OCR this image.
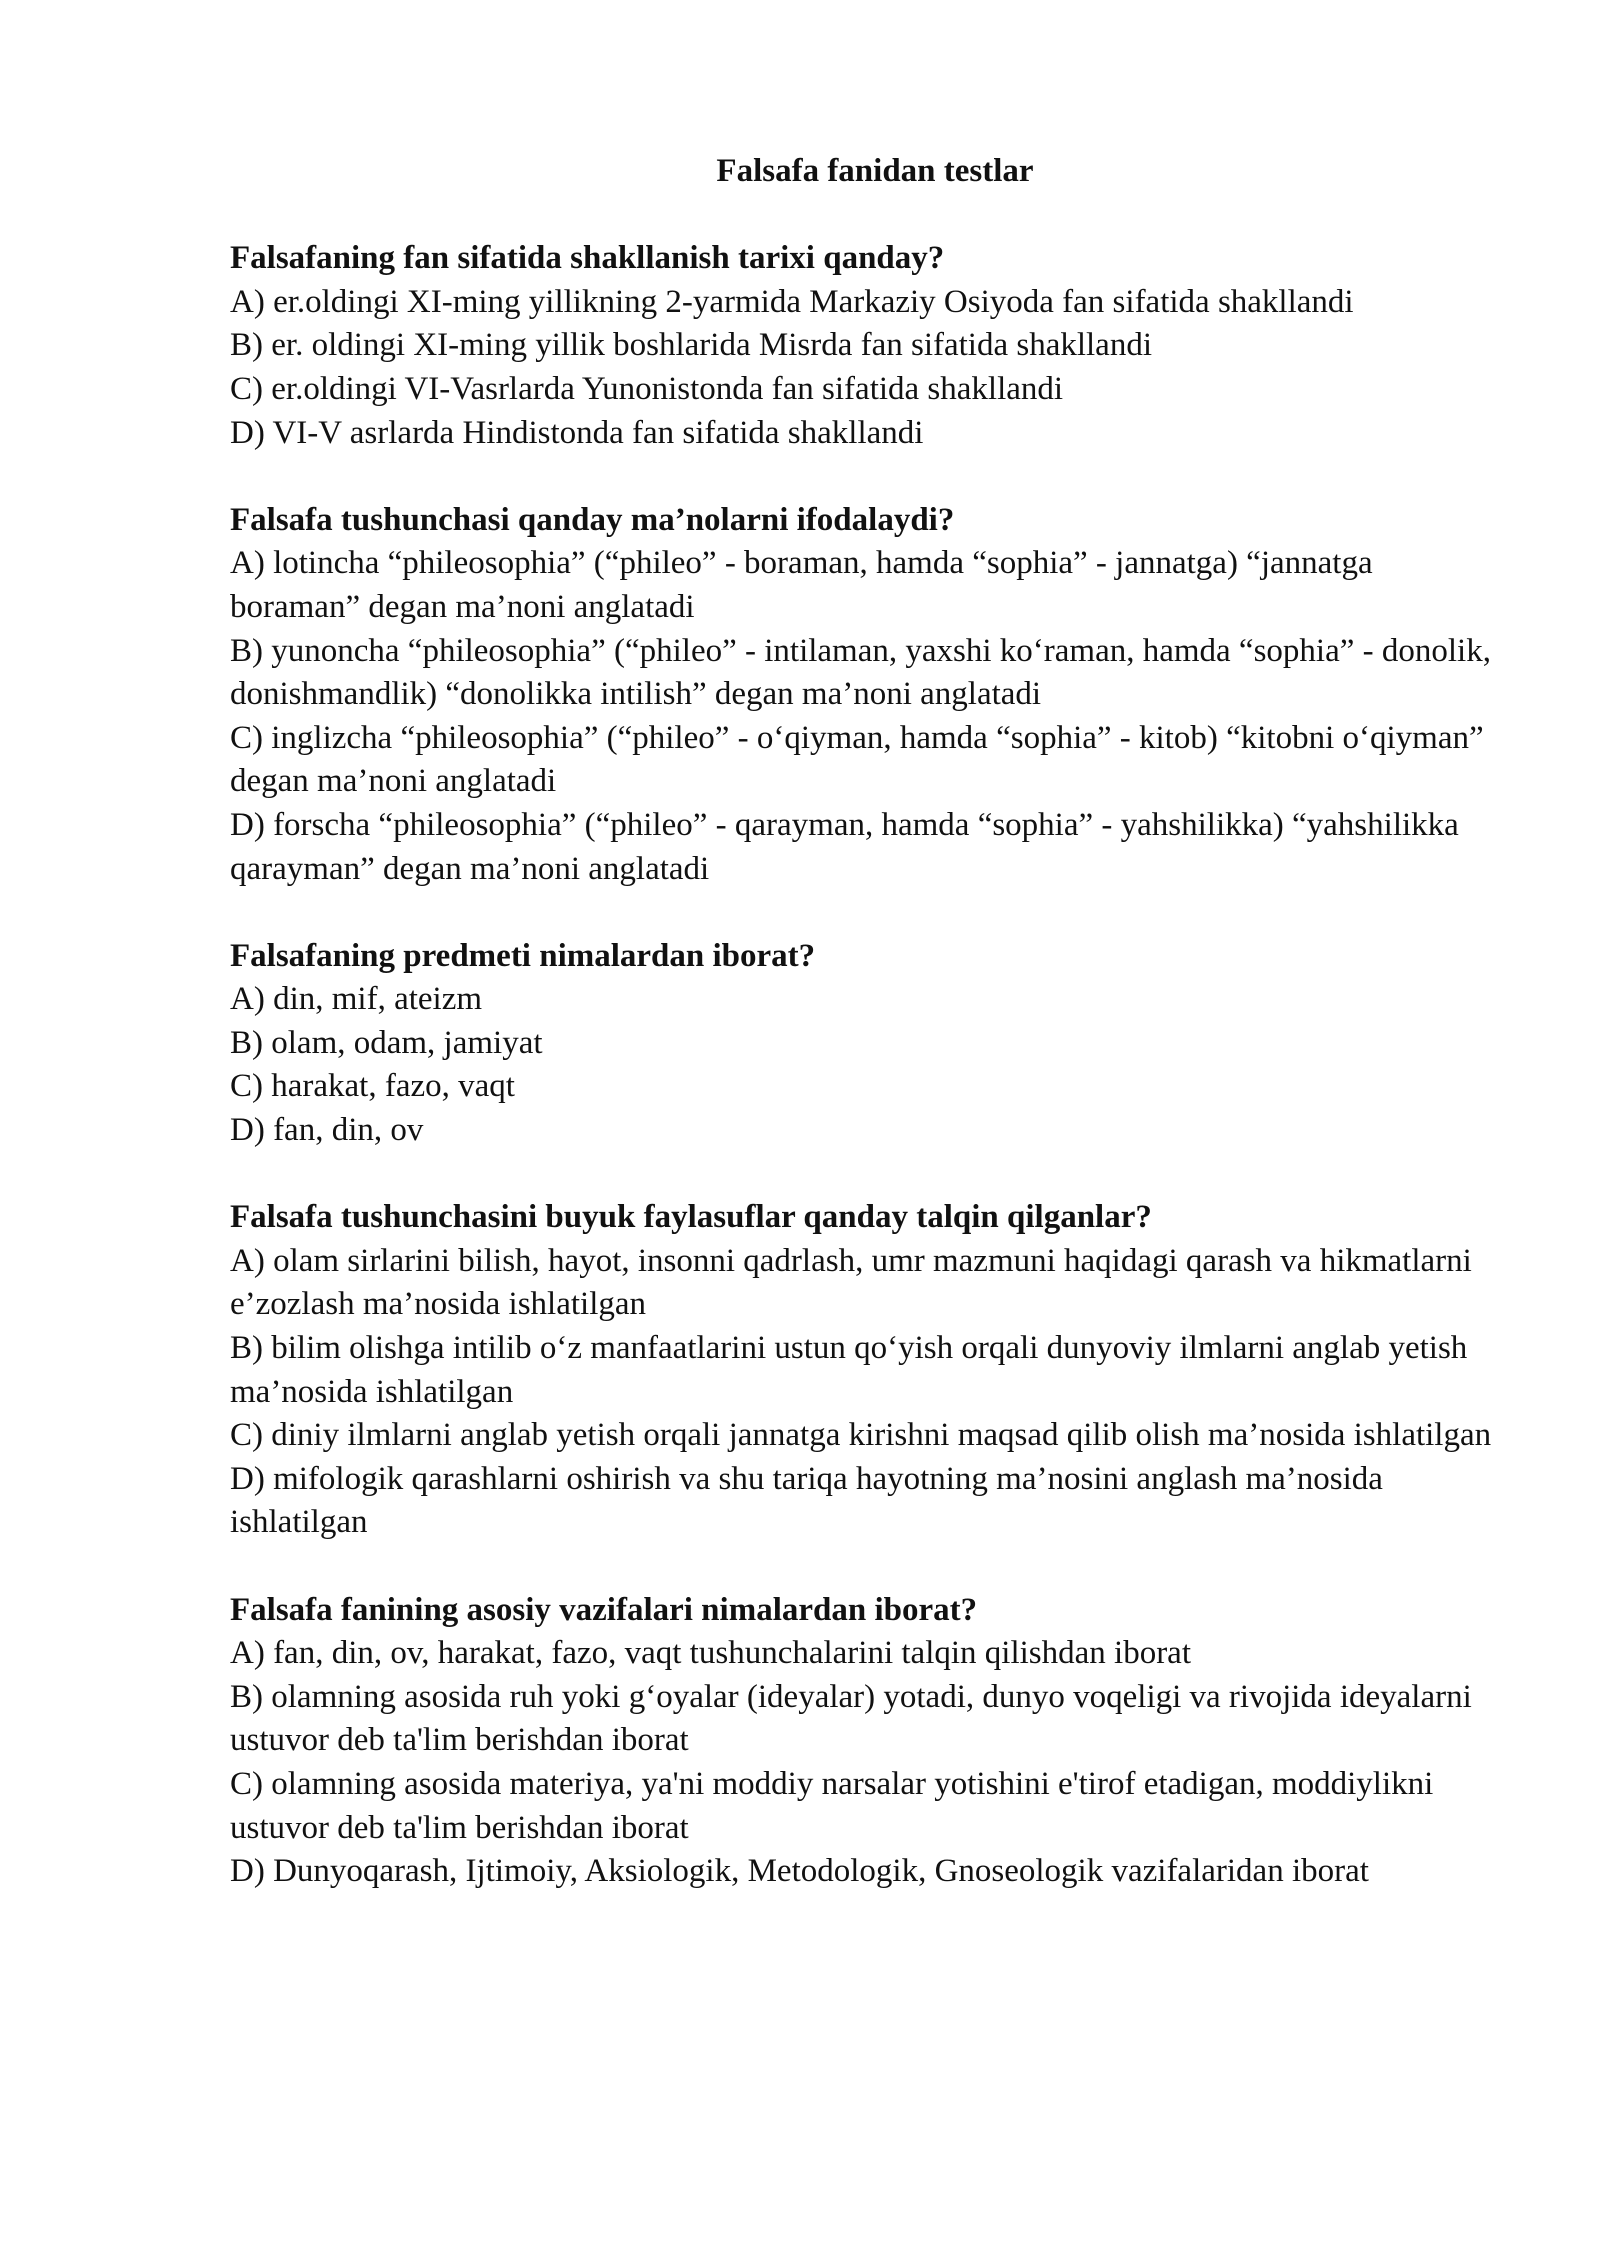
Falsafa fanidan testlar

Falsafaning fan sifatida shakllanish tarixi qanday?

A) er.oldingi XI-ming yillikning 2-yarmida Markaziy Osiyoda fan sifatida shakllandi

B) er. oldingi XI-ming yillik boshlarida Misrda fan sifatida shakllandi

C) er.oldingi VI-Vasrlarda Yunonistonda fan sifatida shakllandi

D) VI-V asrlarda Hindistonda fan sifatida shakllandi

Falsafa tushunchasi qanday ma’nolarni ifodalaydi?

A) lotincha “phileosophia” (“phileo” - boraman, hamda “sophia” - jannatga) “jannatga boraman” degan ma’noni anglatadi

B) yunoncha “phileosophia” (“phileo” - intilaman, yaxshi ko‘raman, hamda “sophia” - donolik, donishmandlik) “donolikka intilish” degan ma’noni anglatadi

C) inglizcha “phileosophia” (“phileo” - o‘qiyman, hamda “sophia” - kitob) “kitobni o‘qiyman” degan ma’noni anglatadi

D) forscha “phileosophia” (“phileo” - qarayman, hamda “sophia” - yahshilikka) “yahshilikka qarayman” degan ma’noni anglatadi

Falsafaning predmeti nimalardan iborat?

A) din, mif, ateizm

B) olam, odam, jamiyat

C) harakat, fazo, vaqt

D) fan, din, ov

Falsafa tushunchasini buyuk faylasuflar qanday talqin qilganlar?

A) olam sirlarini bilish, hayot, insonni qadrlash, umr mazmuni haqidagi qarash va hikmatlarni e’zozlash ma’nosida ishlatilgan

B) bilim olishga intilib o‘z manfaatlarini ustun qo‘yish orqali dunyoviy ilmlarni anglab yetish ma’nosida ishlatilgan

C) diniy ilmlarni anglab yetish orqali jannatga kirishni maqsad qilib olish ma’nosida ishlatilgan

D) mifologik qarashlarni oshirish va shu tariqa hayotning ma’nosini anglash ma’nosida ishlatilgan

Falsafa fanining asosiy vazifalari nimalardan iborat?

A) fan, din, ov, harakat, fazo, vaqt tushunchalarini talqin qilishdan iborat

B) olamning asosida ruh yoki g‘oyalar (ideyalar) yotadi, dunyo voqeligi va rivojida ideyalarni ustuvor deb ta'lim berishdan iborat

C) olamning asosida materiya, ya'ni moddiy narsalar yotishini e'tirof etadigan, moddiylikni ustuvor deb ta'lim berishdan iborat

D) Dunyoqarash, Ijtimoiy, Aksiologik, Metodologik, Gnoseologik vazifalaridan iborat
